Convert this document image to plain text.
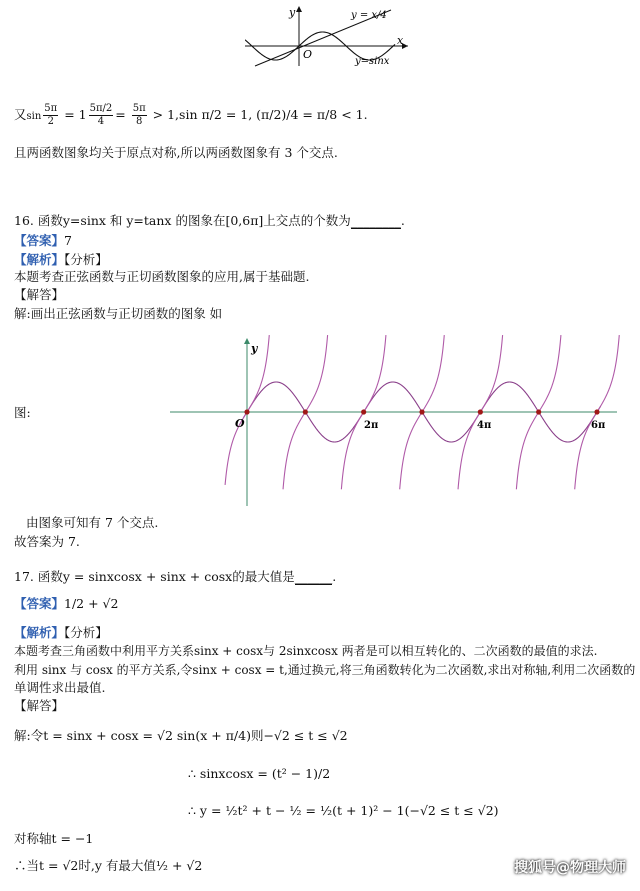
y
x
O
y = x/4
y=sinx
又$\sin \frac{5\pi}{2} = 1 \frac{5\pi/2}{4} = \frac{5\pi}{8} > 1,\sin$ π/2 = 1, (π/2)/4 = π/8 < 1.
且两函数图象均关于原点对称,所以两函数图象有 3 个交点.
16. 函数y=sinx 和 y=tanx 的图象在[0,6π]上交点的个数为________.
【答案】7
【解析】【分析】
本题考查正弦函数与正切函数图象的应用,属于基础题.
【解答】
解:画出正弦函数与正切函数的图象 如
图:
y
O	2π	4π	6π
由图象可知有 7 个交点.
故答案为 7.
17. 函数y = sinxcosx + sinx + cosx的最大值是______.
【答案】1/2 + √2
【解析】【分析】
本题考查三角函数中利用平方关系sinx + cosx与 2sinxcosx 两者是可以相互转化的、二次函数的最值的求法.
利用 sinx 与 cosx 的平方关系,令sinx + cosx = t,通过换元,将三角函数转化为二次函数,求出对称轴,利用二次函数的
单调性求出最值.
【解答】
解:令t = sinx + cosx = √2 sin(x + π/4)则−√2 ≤ t ≤ √2
∴ sinxcosx = (t² − 1)/2
∴ y = ½t² + t − ½ = ½(t + 1)² − 1(−√2 ≤ t ≤ √2)
对称轴t = −1
∴当t = √2时,y 有最大值½ + √2	搜狐号@物理大师
